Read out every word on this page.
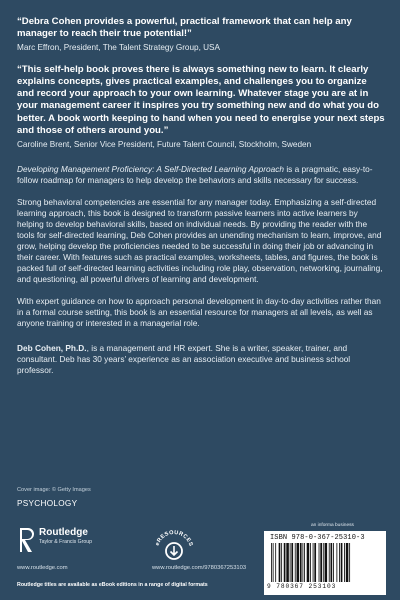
“Debra Cohen provides a powerful, practical framework that can help any manager to reach their true potential!”

Marc Effron, President, The Talent Strategy Group, USA

“This self-help book proves there is always something new to learn. It clearly explains concepts, gives practical examples, and challenges you to organize and record your approach to your own learning. Whatever stage you are at in your management career it inspires you try something new and do what you do better. A book worth keeping to hand when you need to energise your next steps and those of others around you.”

Caroline Brent, Senior Vice President, Future Talent Council, Stockholm, Sweden

Developing Management Proficiency: A Self-Directed Learning Approach is a pragmatic, easy-to-follow roadmap for managers to help develop the behaviors and skills necessary for success.

Strong behavioral competencies are essential for any manager today. Emphasizing a self-directed learning approach, this book is designed to transform passive learners into active learners by helping to develop behavioral skills, based on individual needs. By providing the reader with the tools for self-directed learning, Deb Cohen provides an unending mechanism to learn, improve, and grow, helping develop the proficiencies needed to be successful in doing their job or advancing in their career. With features such as practical examples, worksheets, tables, and figures, the book is packed full of self-directed learning activities including role play, observation, networking, journaling, and questioning, all powerful drivers of learning and development.

With expert guidance on how to approach personal development in day-to-day activities rather than in a formal course setting, this book is an essential resource for managers at all levels, as well as anyone training or interested in a managerial role.

Deb Cohen, Ph.D., is a management and HR expert. She is a writer, speaker, trainer, and consultant. Deb has 30 years’ experience as an association executive and business school professor.

Cover image: © Getty Images
PSYCHOLOGY
Routledge
Taylor & Francis Group
www.routledge.com
eRESOURCES
www.routledge.com/9780367253103
an informa business
ISBN 978-0-367-25310-3
9 780367 253103
Routledge titles are available as eBook editions in a range of digital formats
